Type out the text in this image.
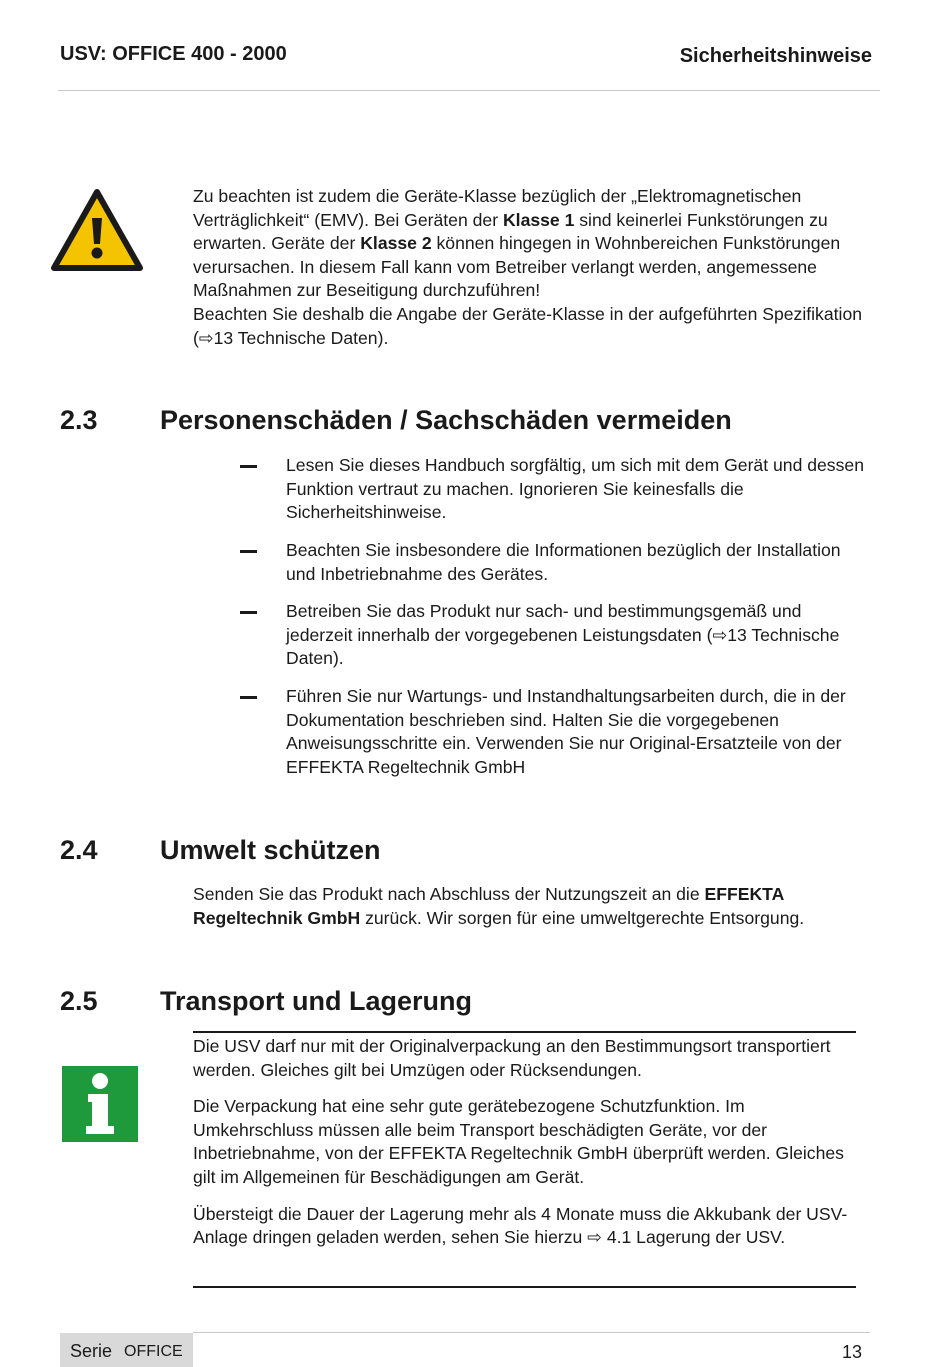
USV: OFFICE 400 - 2000	Sicherheitshinweise

Zu beachten ist zudem die Geräte-Klasse bezüglich der „Elektromagnetischen Verträglichkeit“ (EMV). Bei Geräten der Klasse 1 sind keinerlei Funkstörungen zu erwarten. Geräte der Klasse 2 können hingegen in Wohnbereichen Funkstörungen verursachen. In diesem Fall kann vom Betreiber verlangt werden, angemessene Maßnahmen zur Beseitigung durchzuführen!

Beachten Sie deshalb die Angabe der Geräte-Klasse in der aufgeführten Spezifikation (⇨13 Technische Daten).

2.3 Personenschäden / Sachschäden vermeiden
Lesen Sie dieses Handbuch sorgfältig, um sich mit dem Gerät und dessen Funktion vertraut zu machen. Ignorieren Sie keinesfalls die Sicherheitshinweise.
Beachten Sie insbesondere die Informationen bezüglich der Installation und Inbetriebnahme des Gerätes.
Betreiben Sie das Produkt nur sach- und bestimmungsgemäß und jederzeit innerhalb der vorgegebenen Leistungsdaten (⇨13 Technische Daten).
Führen Sie nur Wartungs- und Instandhaltungsarbeiten durch, die in der Dokumentation beschrieben sind. Halten Sie die vorgegebenen Anweisungsschritte ein. Verwenden Sie nur Original-Ersatzteile von der EFFEKTA Regeltechnik GmbH
2.4 Umwelt schützen
Senden Sie das Produkt nach Abschluss der Nutzungszeit an die EFFEKTA Regeltechnik GmbH zurück. Wir sorgen für eine umweltgerechte Entsorgung.
2.5 Transport und Lagerung

Die USV darf nur mit der Originalverpackung an den Bestimmungsort transportiert werden. Gleiches gilt bei Umzügen oder Rücksendungen.

Die Verpackung hat eine sehr gute gerätebezogene Schutzfunktion. Im Umkehrschluss müssen alle beim Transport beschädigten Geräte, vor der Inbetriebnahme, von der EFFEKTA Regeltechnik GmbH überprüft werden. Gleiches gilt im Allgemeinen für Beschädigungen am Gerät.

Übersteigt die Dauer der Lagerung mehr als 4 Monate muss die Akkubank der USV-Anlage dringen geladen werden, sehen Sie hierzu ⇨ 4.1 Lagerung der USV.

Serie OFFICE	13
